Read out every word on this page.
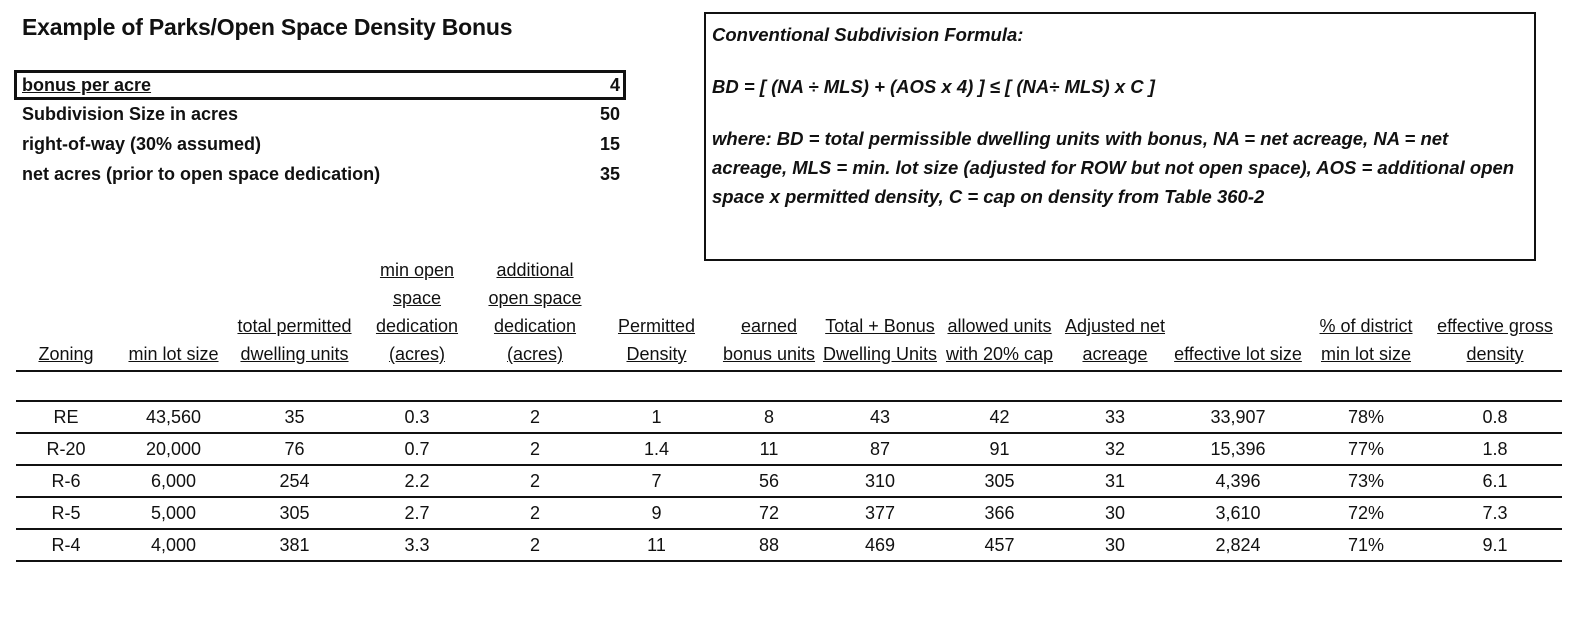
Example of Parks/Open Space Density Bonus
bonus per acre	4
Subdivision Size in acres	50
right-of-way (30% assumed)	15
net acres (prior to open space dedication)	35

Conventional Subdivision Formula:

BD = [ (NA ÷ MLS) + (AOS x 4) ] ≤ [ (NA÷ MLS) x C ]

where: BD = total permissible dwelling units with bonus, NA = net acreage, NA = net acreage, MLS = min. lot size (adjusted for ROW but not open space), AOS = additional open space x permitted density, C = cap on density from Table 360-2

Zoning	min lot size	total permitted dwelling units	min open space dedication (acres)	additional open space dedication (acres)	Permitted Density	earned bonus units	Total + Bonus Dwelling Units	allowed units with 20% cap	Adjusted net acreage	effective lot size	% of district min lot size	effective gross density

RE	43,560	35	0.3	2	1	8	43	42	33	33,907	78%	0.8
R-20	20,000	76	0.7	2	1.4	11	87	91	32	15,396	77%	1.8
R-6	6,000	254	2.2	2	7	56	310	305	31	4,396	73%	6.1
R-5	5,000	305	2.7	2	9	72	377	366	30	3,610	72%	7.3
R-4	4,000	381	3.3	2	11	88	469	457	30	2,824	71%	9.1
